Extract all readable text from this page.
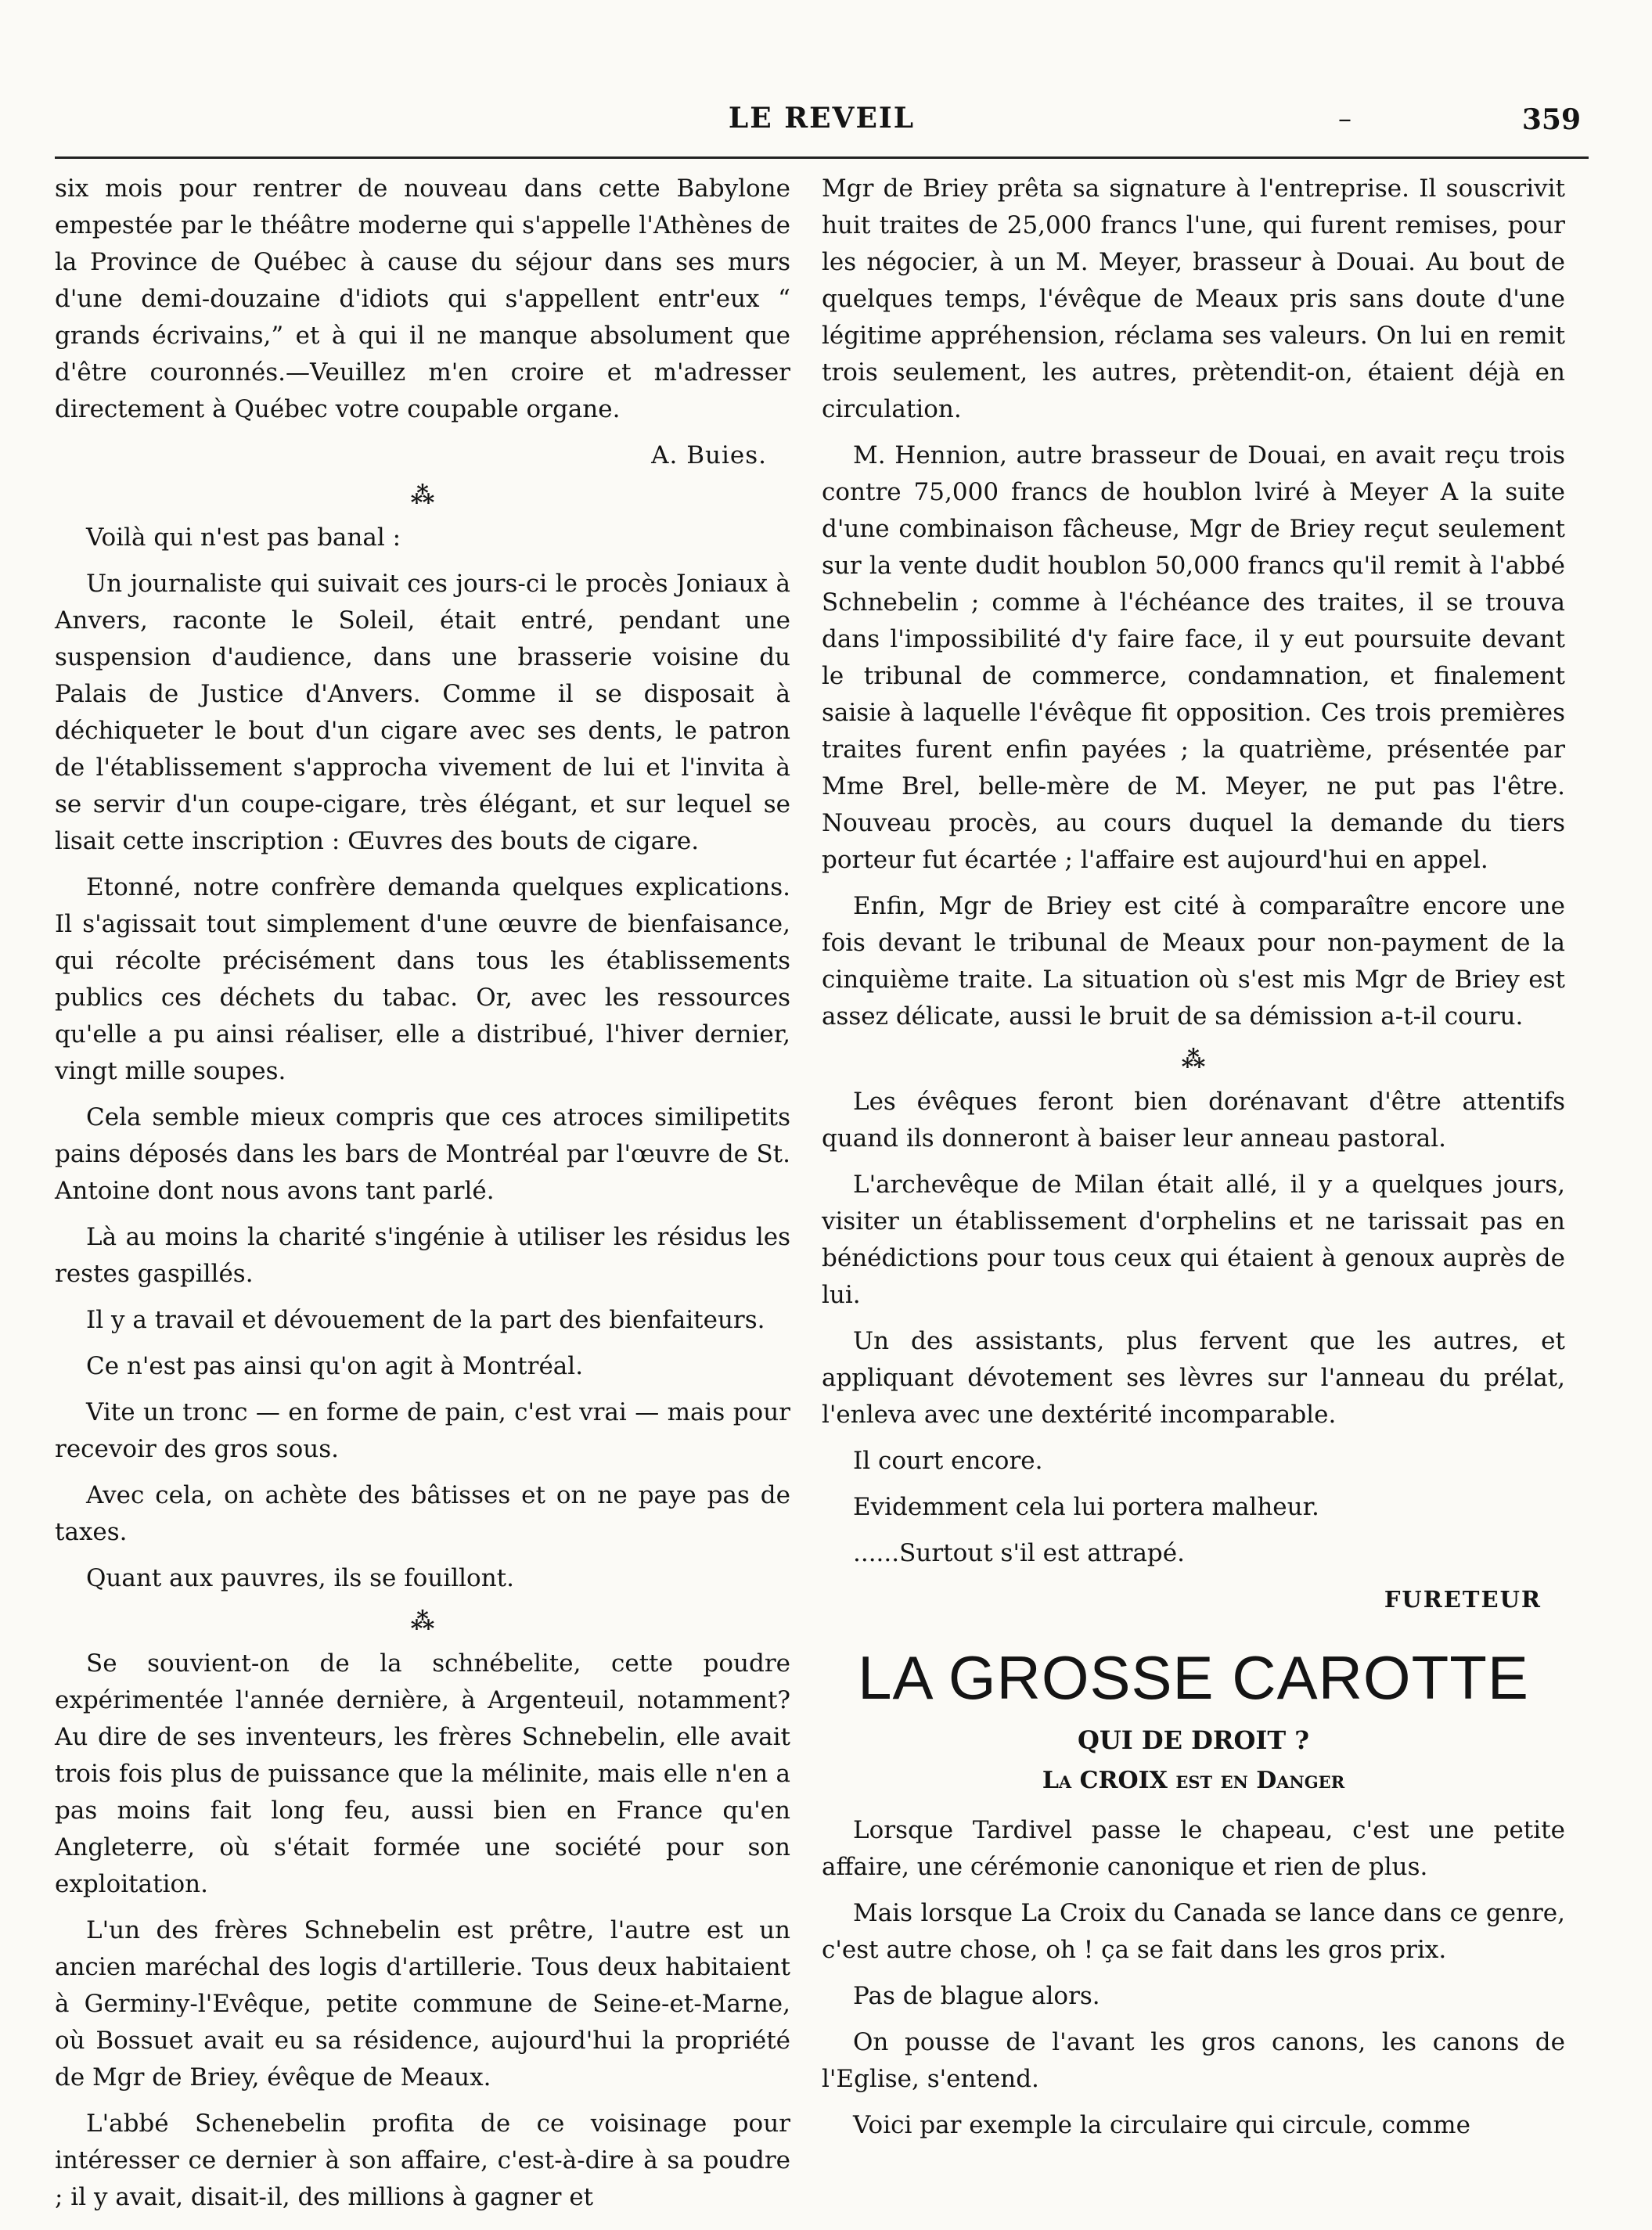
LE REVEIL	–	359

six mois pour rentrer de nouveau dans cette Babylone empestée par le théâtre moderne qui s'appelle l'Athènes de la Province de Québec à cause du séjour dans ses murs d'une demi-douzaine d'idiots qui s'appellent entr'eux “ grands écrivains,” et à qui il ne manque absolument que d'être couronnés.—Veuillez m'en croire et m'adresser directement à Québec votre coupable organe.

A. Buies.
⁂

Voilà qui n'est pas banal :

Un journaliste qui suivait ces jours-ci le procès Joniaux à Anvers, raconte le Soleil, était entré, pendant une suspension d'audience, dans une brasserie voisine du Palais de Justice d'Anvers. Comme il se disposait à déchiqueter le bout d'un cigare avec ses dents, le patron de l'établissement s'approcha vivement de lui et l'invita à se servir d'un coupe-cigare, très élégant, et sur lequel se lisait cette inscription : Œuvres des bouts de cigare.

Etonné, notre confrère demanda quelques explications. Il s'agissait tout simplement d'une œuvre de bienfaisance, qui récolte précisément dans tous les établissements publics ces déchets du tabac. Or, avec les ressources qu'elle a pu ainsi réaliser, elle a distribué, l'hiver dernier, vingt mille soupes.

Cela semble mieux compris que ces atroces similipetits pains déposés dans les bars de Montréal par l'œuvre de St. Antoine dont nous avons tant parlé.

Là au moins la charité s'ingénie à utiliser les résidus les restes gaspillés.

Il y a travail et dévouement de la part des bienfaiteurs.

Ce n'est pas ainsi qu'on agit à Montréal.

Vite un tronc — en forme de pain, c'est vrai — mais pour recevoir des gros sous.

Avec cela, on achète des bâtisses et on ne paye pas de taxes.

Quant aux pauvres, ils se fouillont.

⁂

Se souvient-on de la schnébelite, cette poudre expérimentée l'année dernière, à Argenteuil, notamment? Au dire de ses inventeurs, les frères Schnebelin, elle avait trois fois plus de puissance que la mélinite, mais elle n'en a pas moins fait long feu, aussi bien en France qu'en Angleterre, où s'était formée une société pour son exploitation.

L'un des frères Schnebelin est prêtre, l'autre est un ancien maréchal des logis d'artillerie. Tous deux habitaient à Germiny-l'Evêque, petite commune de Seine-et-Marne, où Bossuet avait eu sa résidence, aujourd'hui la propriété de Mgr de Briey, évêque de Meaux.

L'abbé Schenebelin profita de ce voisinage pour intéresser ce dernier à son affaire, c'est-à-dire à sa poudre ; il y avait, disait-il, des millions à gagner et

Mgr de Briey prêta sa signature à l'entreprise. Il souscrivit huit traites de 25,000 francs l'une, qui furent remises, pour les négocier, à un M. Meyer, brasseur à Douai. Au bout de quelques temps, l'évêque de Meaux pris sans doute d'une légitime appréhension, réclama ses valeurs. On lui en remit trois seulement, les autres, prètendit-on, étaient déjà en circulation.

M. Hennion, autre brasseur de Douai, en avait reçu trois contre 75,000 francs de houblon lviré à Meyer A la suite d'une combinaison fâcheuse, Mgr de Briey reçut seulement sur la vente dudit houblon 50,000 francs qu'il remit à l'abbé Schnebelin ; comme à l'échéance des traites, il se trouva dans l'impossibilité d'y faire face, il y eut poursuite devant le tribunal de commerce, condamnation, et finalement saisie à laquelle l'évêque fit opposition. Ces trois premières traites furent enfin payées ; la quatrième, présentée par Mme Brel, belle-mère de M. Meyer, ne put pas l'être. Nouveau procès, au cours duquel la demande du tiers porteur fut écartée ; l'affaire est aujourd'hui en appel.

Enfin, Mgr de Briey est cité à comparaître encore une fois devant le tribunal de Meaux pour non-payment de la cinquième traite. La situation où s'est mis Mgr de Briey est assez délicate, aussi le bruit de sa démission a-t-il couru.

⁂

Les évêques feront bien dorénavant d'être attentifs quand ils donneront à baiser leur anneau pastoral.

L'archevêque de Milan était allé, il y a quelques jours, visiter un établissement d'orphelins et ne tarissait pas en bénédictions pour tous ceux qui étaient à genoux auprès de lui.

Un des assistants, plus fervent que les autres, et appliquant dévotement ses lèvres sur l'anneau du prélat, l'enleva avec une dextérité incomparable.

Il court encore.

Evidemment cela lui portera malheur.

......Surtout s'il est attrapé.

FURETEUR
LA GROSSE CAROTTE
QUI DE DROIT ?
La CROIX est en Danger

Lorsque Tardivel passe le chapeau, c'est une petite affaire, une cérémonie canonique et rien de plus.

Mais lorsque La Croix du Canada se lance dans ce genre, c'est autre chose, oh ! ça se fait dans les gros prix.

Pas de blague alors.

On pousse de l'avant les gros canons, les canons de l'Eglise, s'entend.

Voici par exemple la circulaire qui circule, comme
